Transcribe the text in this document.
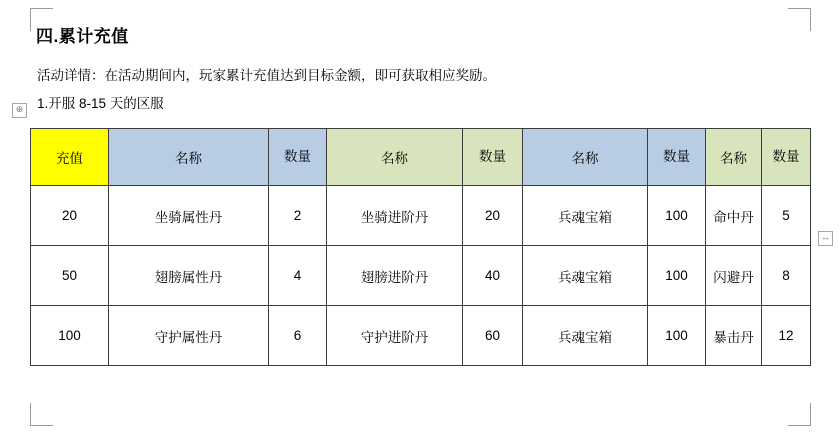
四.累计充值
活动详情：在活动期间内，玩家累计充值达到目标金额，即可获取相应奖励。
1.开服 8-15 天的区服
⊕
↔
充值	名称	数量	名称	数量	名称	数量	名称	数量
20	坐骑属性丹	2	坐骑进阶丹	20	兵魂宝箱	100	命中丹	5
50	翅膀属性丹	4	翅膀进阶丹	40	兵魂宝箱	100	闪避丹	8
100	守护属性丹	6	守护进阶丹	60	兵魂宝箱	100	暴击丹	12
